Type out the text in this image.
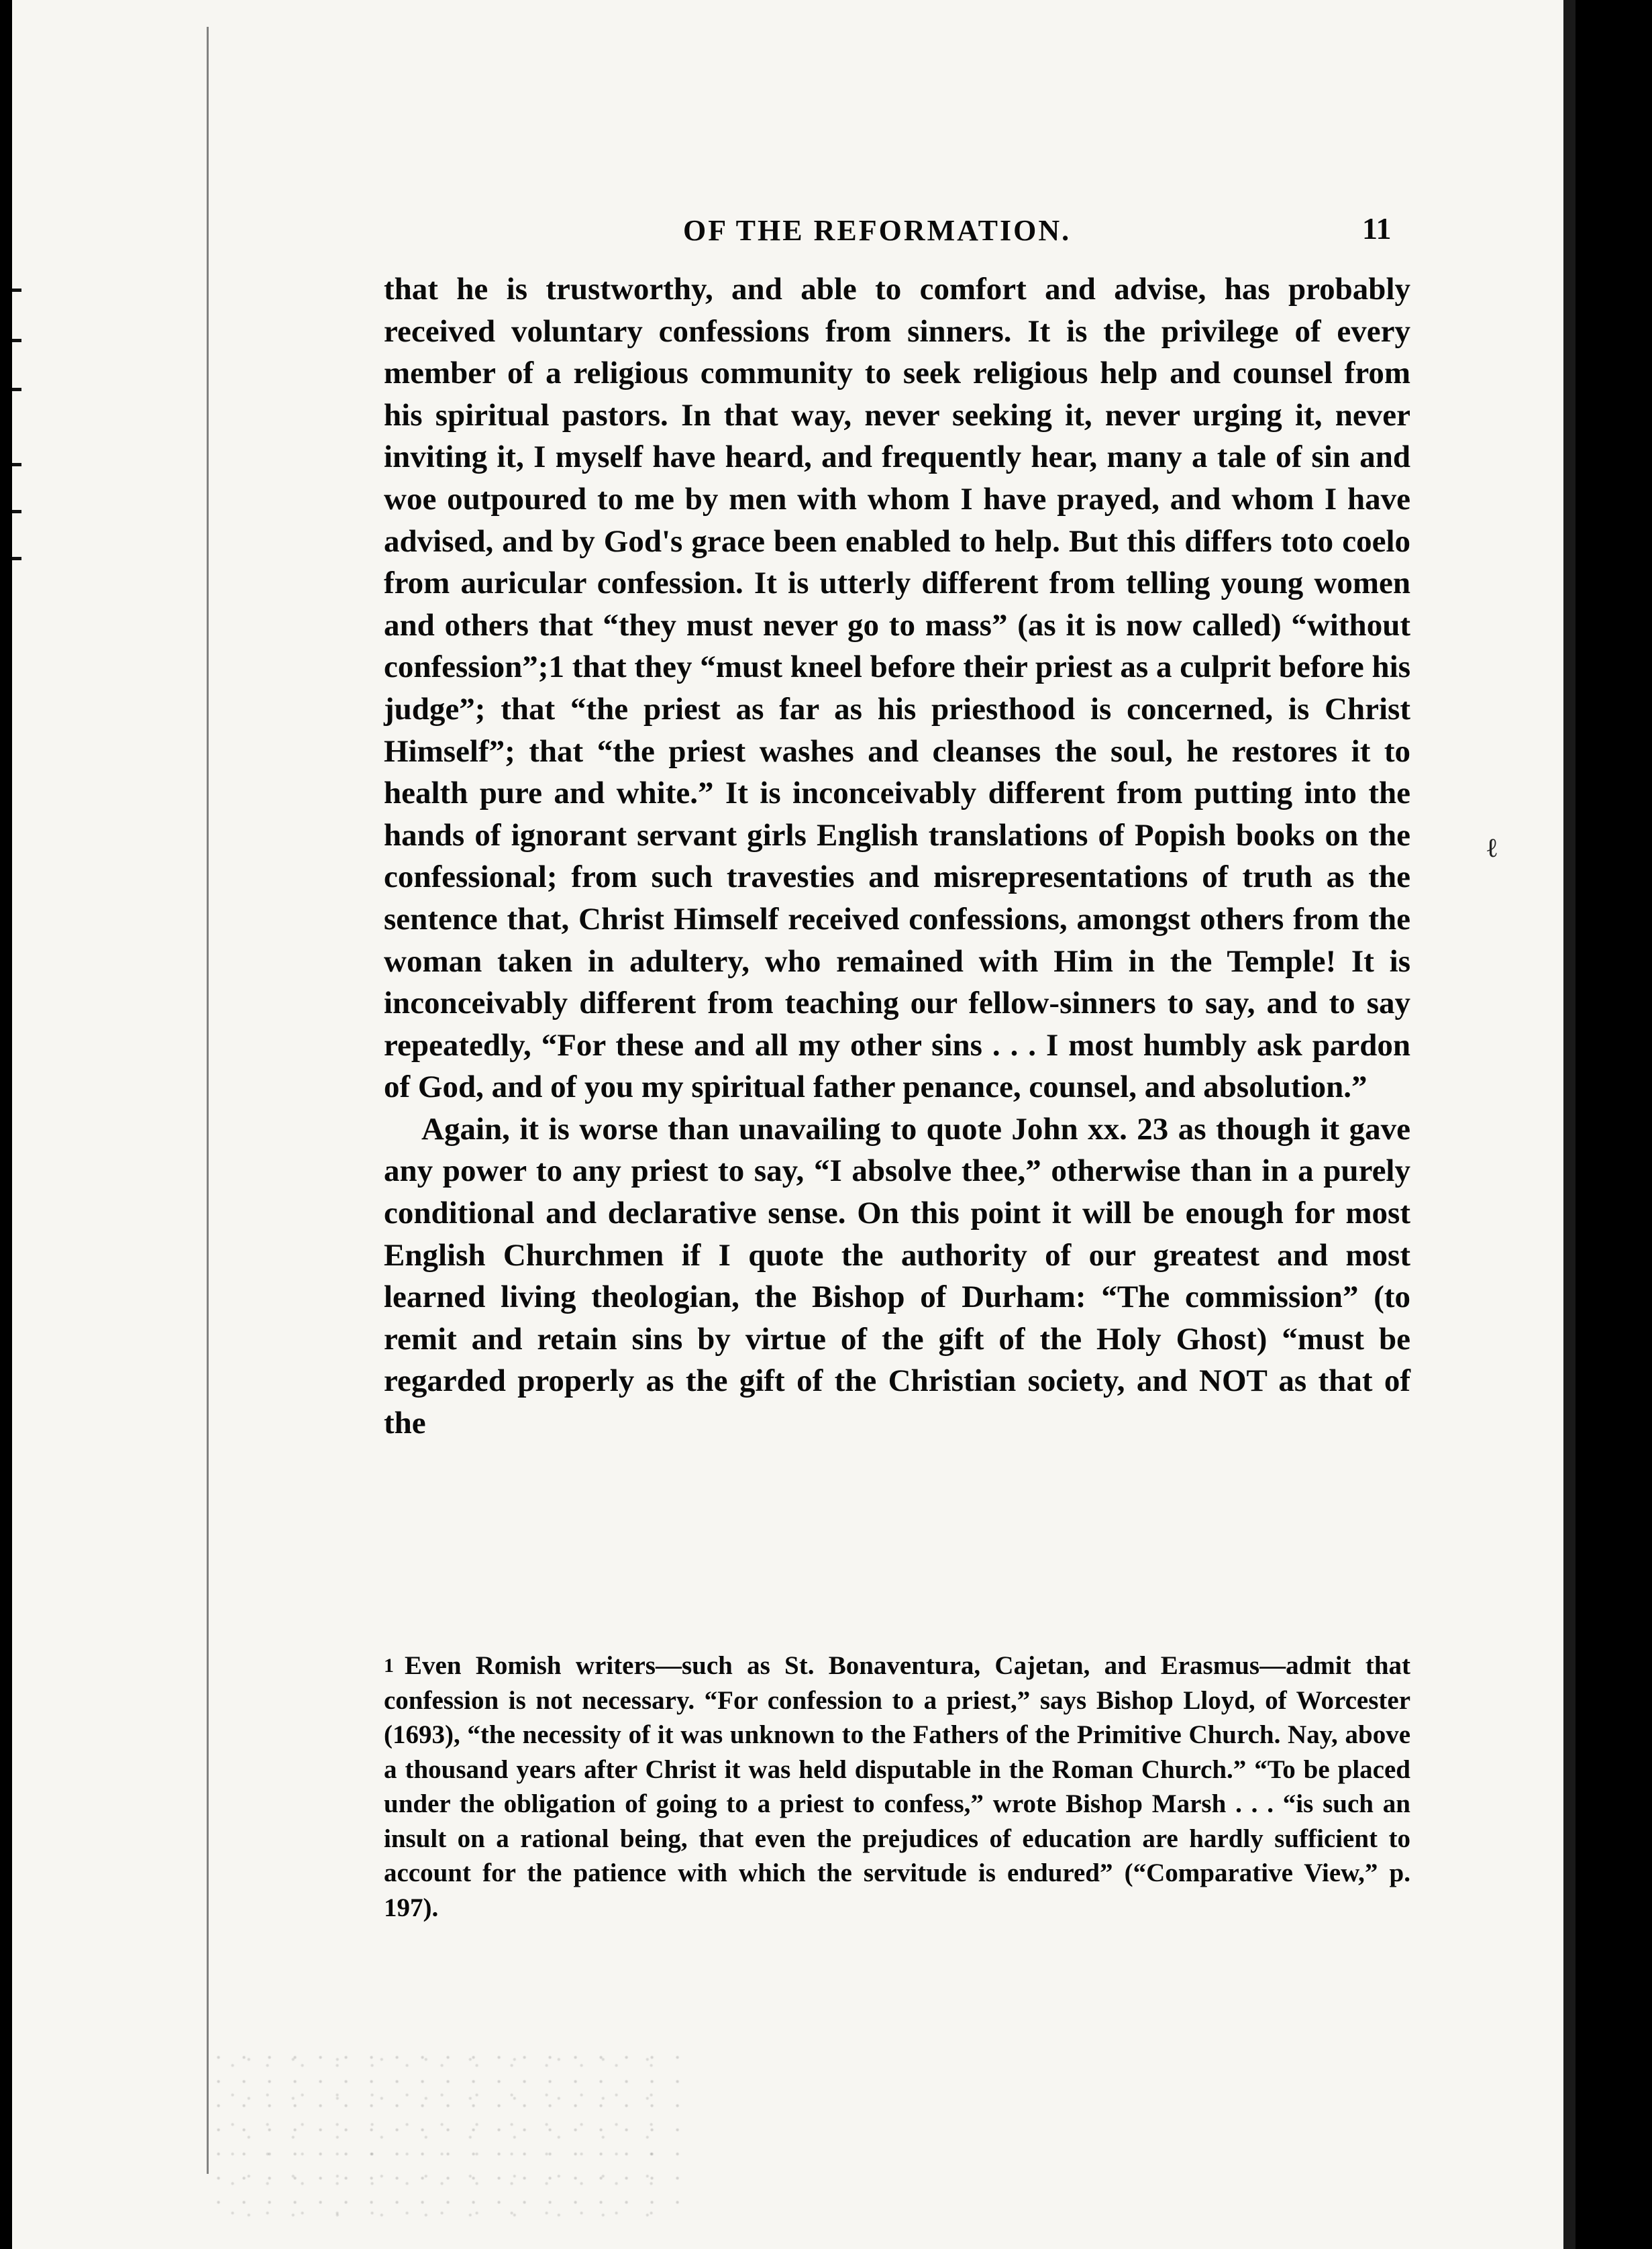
OF THE REFORMATION.	11

that he is trustworthy, and able to comfort and advise, has probably received voluntary confessions from sinners. It is the privilege of every member of a religious community to seek religious help and counsel from his spiritual pastors. In that way, never seeking it, never urging it, never inviting it, I myself have heard, and frequently hear, many a tale of sin and woe outpoured to me by men with whom I have prayed, and whom I have advised, and by God's grace been enabled to help. But this differs toto coelo from auricular confession. It is utterly different from telling young women and others that “they must never go to mass” (as it is now called) “without confession”;1 that they “must kneel before their priest as a culprit before his judge”; that “the priest as far as his priesthood is concerned, is Christ Himself”; that “the priest washes and cleanses the soul, he restores it to health pure and white.” It is inconceivably different from putting into the hands of ignorant servant girls English translations of Popish books on the confessional; from such travesties and misrepresentations of truth as the sentence that, Christ Himself received confessions, amongst others from the woman taken in adultery, who remained with Him in the Temple! It is inconceivably different from teaching our fellow-sinners to say, and to say repeatedly, “For these and all my other sins . . . I most humbly ask pardon of God, and of you my spiritual father penance, counsel, and absolution.”

Again, it is worse than unavailing to quote John xx. 23 as though it gave any power to any priest to say, “I absolve thee,” otherwise than in a purely conditional and declarative sense. On this point it will be enough for most English Churchmen if I quote the authority of our greatest and most learned living theologian, the Bishop of Durham: “The commission” (to remit and retain sins by virtue of the gift of the Holy Ghost) “must be regarded properly as the gift of the Christian society, and NOT as that of the

$^1$ Even Romish writers—such as St. Bonaventura, Cajetan, and Erasmus—admit that confession is not necessary. “For confession to a priest,” says Bishop Lloyd, of Worcester (1693), “the necessity of it was unknown to the Fathers of the Primitive Church. Nay, above a thousand years after Christ it was held disputable in the Roman Church.” “To be placed under the obligation of going to a priest to confess,” wrote Bishop Marsh . . . “is such an insult on a rational being, that even the prejudices of education are hardly sufficient to account for the patience with which the servitude is endured” (“Comparative View,” p. 197).

ℓ
